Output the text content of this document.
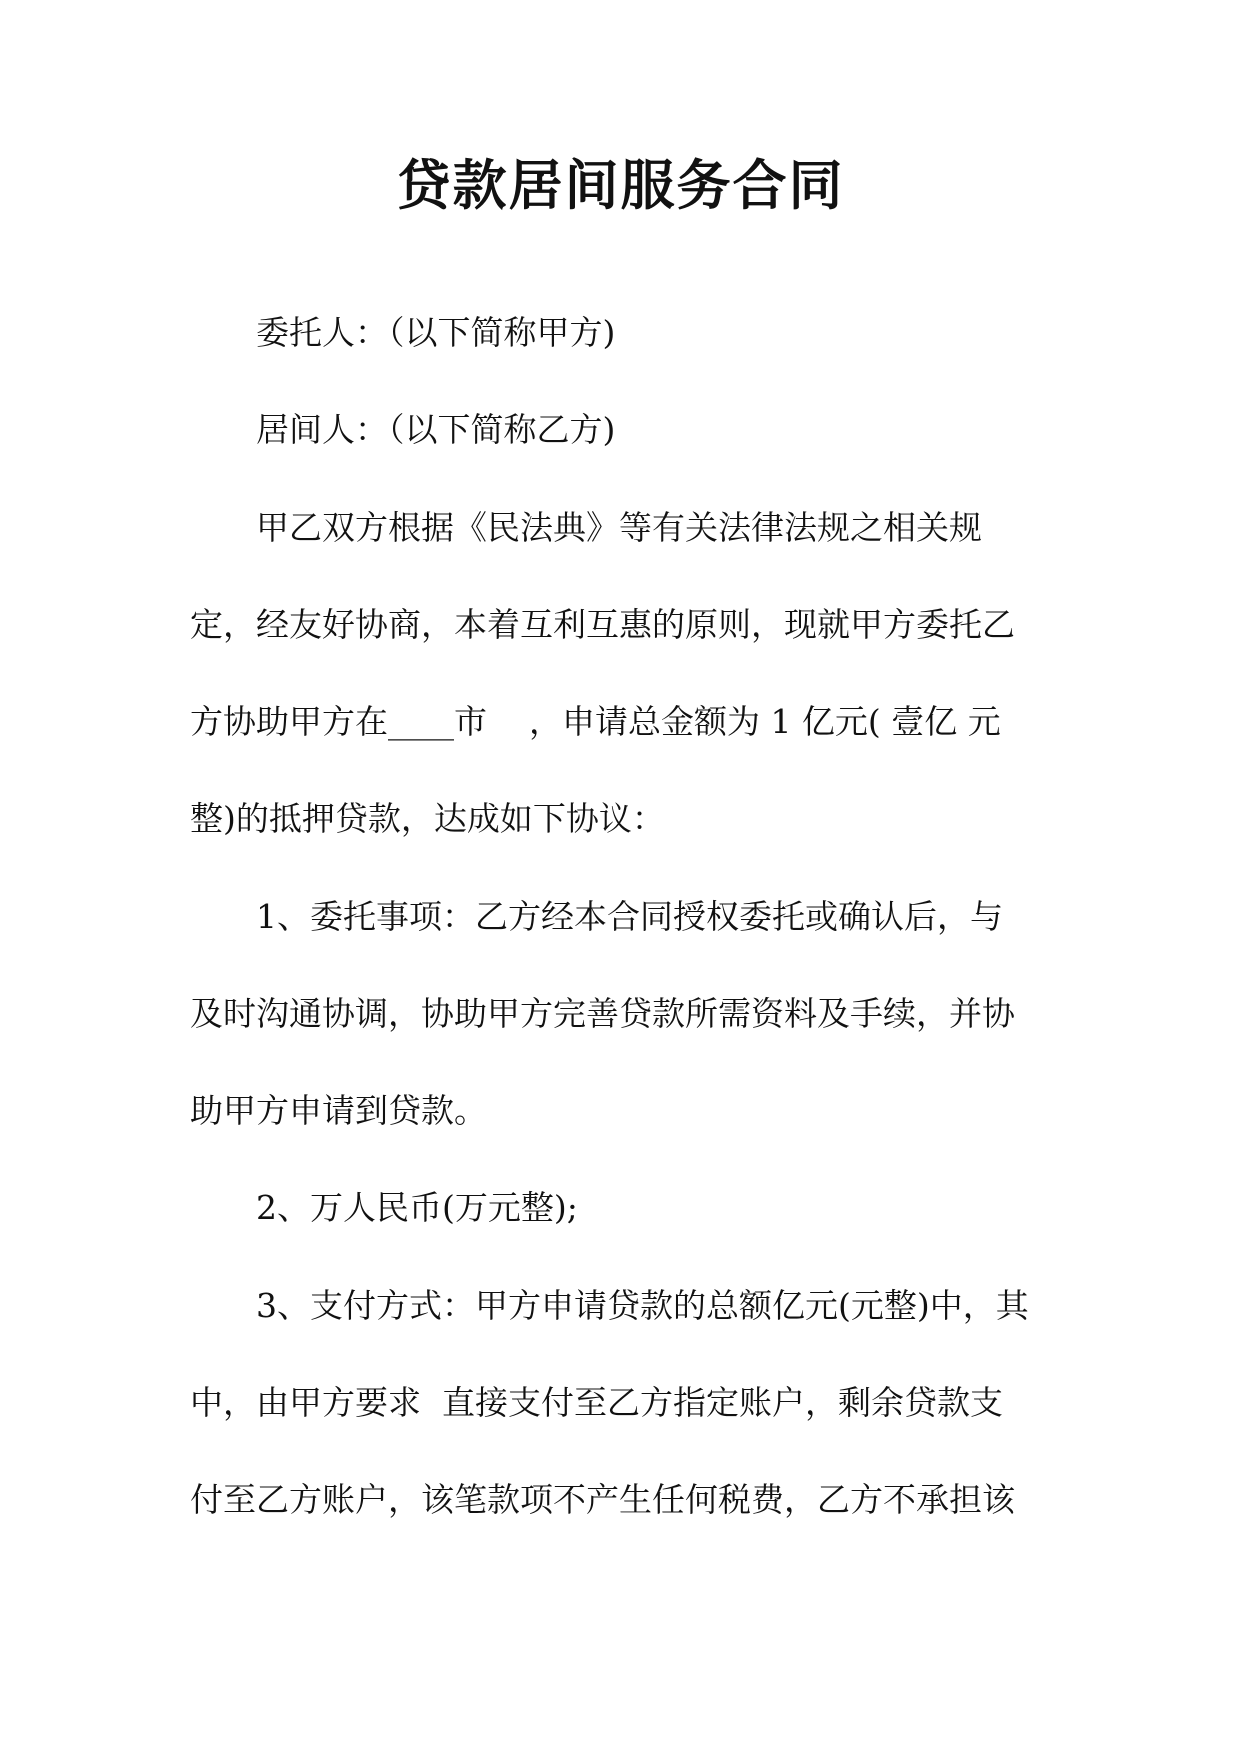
贷款居间服务合同

委托人：（以下简称甲方)

居间人：（以下简称乙方)

甲乙双方根据《民法典》等有关法律法规之相关规

定，经友好协商，本着互利互惠的原则，现就甲方委托乙

方协助甲方在____市    ，申请总金额为 1 亿元( 壹亿 元

整)的抵押贷款，达成如下协议：

1、委托事项：乙方经本合同授权委托或确认后，与

及时沟通协调，协助甲方完善贷款所需资料及手续，并协

助甲方申请到贷款。

2、万人民币(万元整);

3、支付方式：甲方申请贷款的总额亿元(元整)中，其

中，由甲方要求  直接支付至乙方指定账户，剩余贷款支

付至乙方账户，该笔款项不产生任何税费，乙方不承担该
